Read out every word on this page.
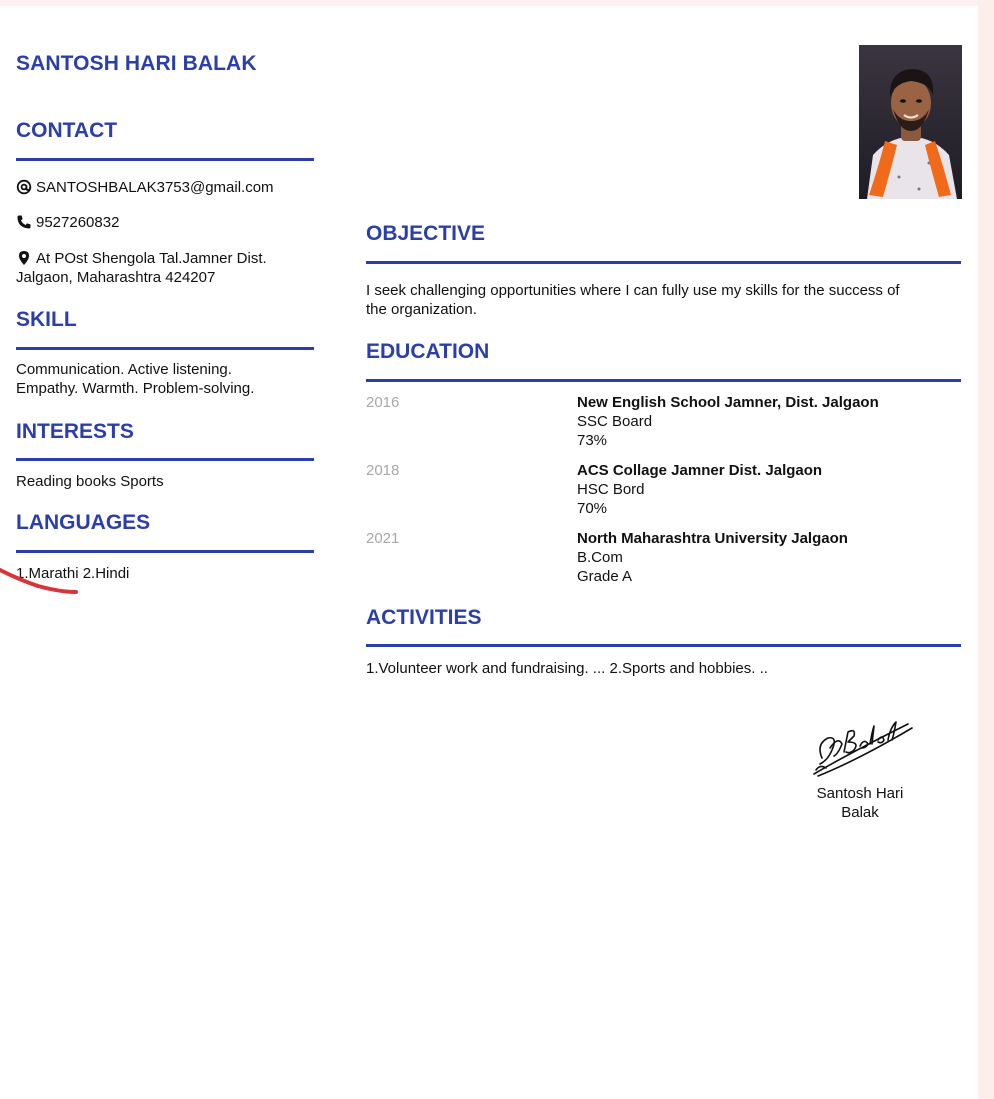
SANTOSH HARI BALAK
CONTACT
SANTOSHBALAK3753@gmail.com
9527260832
At POst Shengola Tal.Jamner Dist.
Jalgaon, Maharashtra 424207
SKILL

Communication. Active listening.
Empathy. Warmth. Problem-solving.

INTERESTS

Reading books Sports

LANGUAGES

1.Marathi 2.Hindi

OBJECTIVE

I seek challenging opportunities where I can fully use my skills for the success of
the organization.

EDUCATION
2016	New English School Jamner, Dist. Jalgaon
SSC Board
73%
2018	ACS Collage Jamner Dist. Jalgaon
HSC Bord
70%
2021	North Maharashtra University Jalgaon
B.Com
Grade A
ACTIVITIES

1.Volunteer work and fundraising. ... 2.Sports and hobbies. ..

Santosh Hari
Balak
